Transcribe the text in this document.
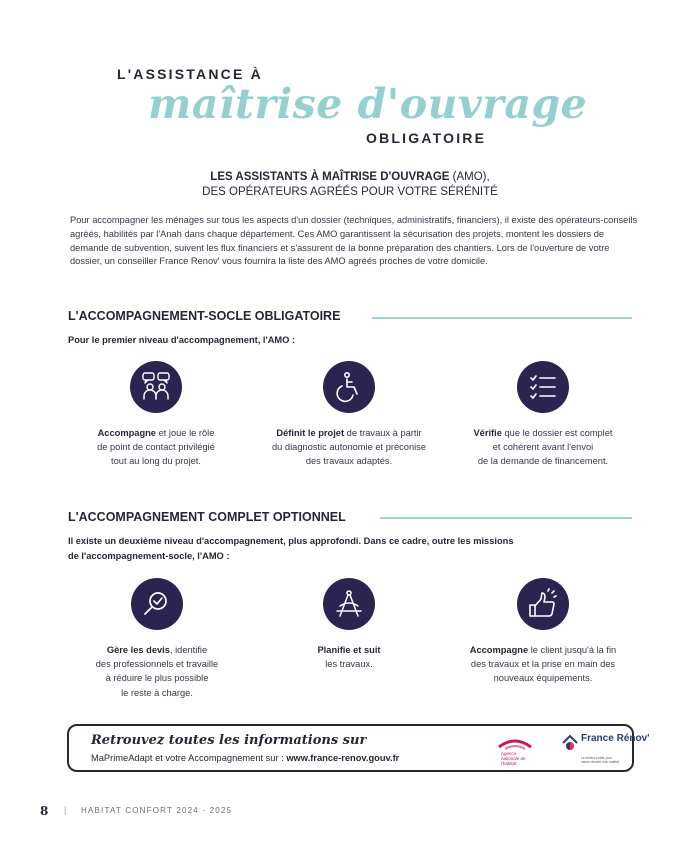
L'ASSISTANCE À
maîtrise d'ouvrage
OBLIGATOIRE
LES ASSISTANTS À MAÎTRISE D'OUVRAGE (AMO),
DES OPÉRATEURS AGRÉÉS POUR VOTRE SÉRÉNITÉ

Pour accompagner les ménages sur tous les aspects d'un dossier (techniques, administratifs, financiers), il existe des opérateurs-conseils agréés, habilités par l'Anah dans chaque département. Ces AMO garantissent la sécurisation des projets, montent les dossiers de demande de subvention, suivent les flux financiers et s'assurent de la bonne préparation des chantiers. Lors de l'ouverture de votre dossier, un conseiller France Renov' vous fournira la liste des AMO agréés proches de votre domicile.

L'ACCOMPAGNEMENT-SOCLE OBLIGATOIRE
Pour le premier niveau d'accompagnement, l'AMO :
Accompagne et joue le rôle
de point de contact privilégié
tout au long du projet.
Définit le projet de travaux à partir
du diagnostic autonomie et préconise
des travaux adaptés.
Vérifie que le dossier est complet
et cohérent avant l'envoi
de la demande de financement.
L'ACCOMPAGNEMENT COMPLET OPTIONNEL
Il existe un deuxième niveau d'accompagnement, plus approfondi. Dans ce cadre, outre les missions
de l'accompagnement-socle, l'AMO :
Gère les devis, identifie
des professionnels et travaille
à réduire le plus possible
le reste à charge.
Planifie et suit
les travaux.
Accompagne le client jusqu'à la fin
des travaux et la prise en main des
nouveaux équipements.
Retrouvez toutes les informations sur
MaPrimeAdapt et votre Accompagnement sur : www.france-renov.gouv.fr	Agence nationale de l'habitat
France Rénov'
Le service public pour mieux rénover mon habitat
8 | HABITAT CONFORT 2024 - 2025
